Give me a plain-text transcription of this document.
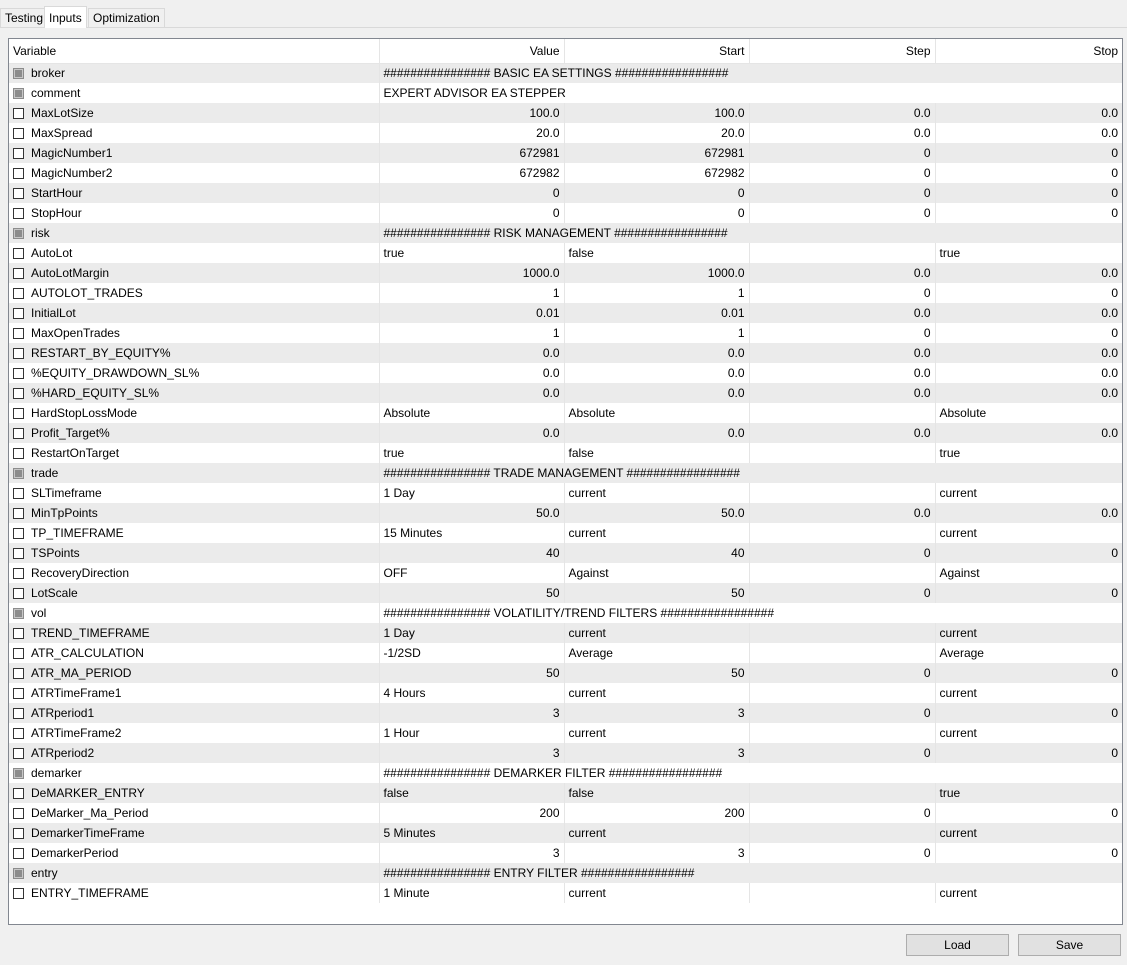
Testing Inputs Optimization
Variable	Value	Start	Step	Stop

broker	################ BASIC EA SETTINGS #################			

comment	EXPERT ADVISOR EA STEPPER			

MaxLotSize	100.0	100.0	0.0	0.0

MaxSpread	20.0	20.0	0.0	0.0

MagicNumber1	672981	672981	0	0

MagicNumber2	672982	672982	0	0

StartHour	0	0	0	0

StopHour	0	0	0	0

risk	################ RISK MANAGEMENT #################			

AutoLot	true	false		true

AutoLotMargin	1000.0	1000.0	0.0	0.0

AUTOLOT_TRADES	1	1	0	0

InitialLot	0.01	0.01	0.0	0.0

MaxOpenTrades	1	1	0	0

RESTART_BY_EQUITY%	0.0	0.0	0.0	0.0

%EQUITY_DRAWDOWN_SL%	0.0	0.0	0.0	0.0

%HARD_EQUITY_SL%	0.0	0.0	0.0	0.0

HardStopLossMode	Absolute	Absolute		Absolute

Profit_Target%	0.0	0.0	0.0	0.0

RestartOnTarget	true	false		true

trade	################ TRADE MANAGEMENT #################			

SLTimeframe	1 Day	current		current

MinTpPoints	50.0	50.0	0.0	0.0

TP_TIMEFRAME	15 Minutes	current		current

TSPoints	40	40	0	0

RecoveryDirection	OFF	Against		Against

LotScale	50	50	0	0

vol	################ VOLATILITY/TREND FILTERS #################			

TREND_TIMEFRAME	1 Day	current		current

ATR_CALCULATION	-1/2SD	Average		Average

ATR_MA_PERIOD	50	50	0	0

ATRTimeFrame1	4 Hours	current		current

ATRperiod1	3	3	0	0

ATRTimeFrame2	1 Hour	current		current

ATRperiod2	3	3	0	0

demarker	################ DEMARKER FILTER #################			

DeMARKER_ENTRY	false	false		true

DeMarker_Ma_Period	200	200	0	0

DemarkerTimeFrame	5 Minutes	current		current

DemarkerPeriod	3	3	0	0

entry	################ ENTRY FILTER #################			

ENTRY_TIMEFRAME	1 Minute	current		current
Load	Save
